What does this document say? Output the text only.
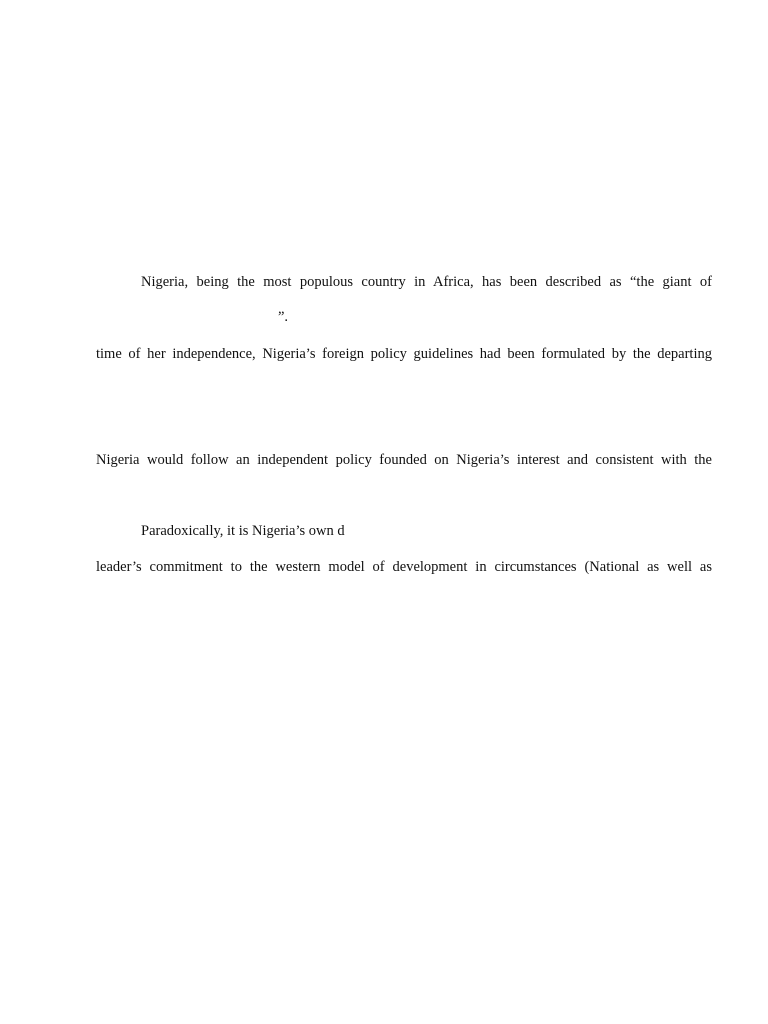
Nigeria, being the most populous country in Africa, has been described as “the giant of
”.
time of her independence, Nigeria’s foreign policy guidelines had been formulated by the departing
Nigeria would follow an independent policy founded on Nigeria’s interest and consistent with the
Paradoxically, it is Nigeria’s own d
leader’s commitment to the western model of development in circumstances (National as well as
